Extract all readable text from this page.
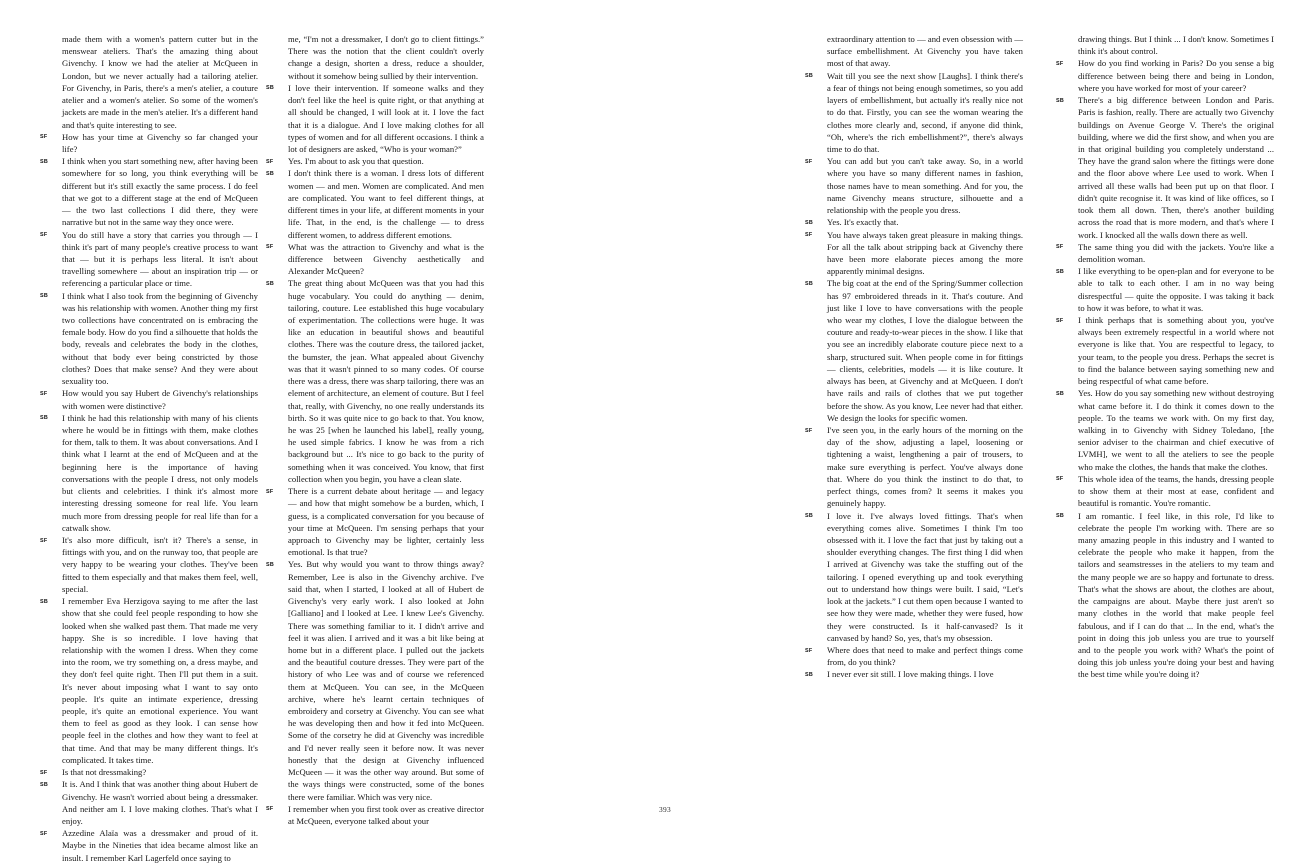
made them with a women's pattern cutter but in the menswear ateliers. That's the amazing thing about Givenchy. I know we had the atelier at McQueen in London, but we never actually had a tailoring atelier. For Givenchy, in Paris, there's a men's atelier, a couture atelier and a women's atelier. So some of the women's jackets are made in the men's atelier. It's a different hand and that's quite interesting to see.

SF	How has your time at Givenchy so far changed your life?

SB	I think when you start something new, after having been somewhere for so long, you think everything will be different but it's still exactly the same process. I do feel that we got to a different stage at the end of McQueen — the two last collections I did there, they were narrative but not in the same way they once were.

SF	You do still have a story that carries you through — I think it's part of many people's creative process to want that — but it is perhaps less literal. It isn't about travelling somewhere — about an inspiration trip — or referencing a particular place or time.

SB	I think what I also took from the beginning of Givenchy was his relationship with women. Another thing my first two collections have concentrated on is embracing the female body. How do you find a silhouette that holds the body, reveals and celebrates the body in the clothes, without that body ever being constricted by those clothes? Does that make sense? And they were about sexuality too.

SF	How would you say Hubert de Givenchy's relationships with women were distinctive?

SB	I think he had this relationship with many of his clients where he would be in fittings with them, make clothes for them, talk to them. It was about conversations. And I think what I learnt at the end of McQueen and at the beginning here is the importance of having conversations with the people I dress, not only models but clients and celebrities. I think it's almost more interesting dressing someone for real life. You learn much more from dressing people for real life than for a catwalk show.

SF	It's also more difficult, isn't it? There's a sense, in fittings with you, and on the runway too, that people are very happy to be wearing your clothes. They've been fitted to them especially and that makes them feel, well, special.

SB	I remember Eva Herzigova saying to me after the last show that she could feel people responding to how she looked when she walked past them. That made me very happy. She is so incredible. I love having that relationship with the women I dress. When they come into the room, we try something on, a dress maybe, and they don't feel quite right. Then I'll put them in a suit. It's never about imposing what I want to say onto people. It's quite an intimate experience, dressing people, it's quite an emotional experience. You want them to feel as good as they look. I can sense how people feel in the clothes and how they want to feel at that time. And that may be many different things. It's complicated. It takes time.

SF	Is that not dressmaking?

SB	It is. And I think that was another thing about Hubert de Givenchy. He wasn't worried about being a dressmaker. And neither am I. I love making clothes. That's what I enjoy.

SF	Azzedine Alaïa was a dressmaker and proud of it. Maybe in the Nineties that idea became almost like an insult. I remember Karl Lagerfeld once saying to

me, “I'm not a dressmaker, I don't go to client fittings.” There was the notion that the client couldn't overly change a design, shorten a dress, reduce a shoulder, without it somehow being sullied by their intervention.

SB	I love their intervention. If someone walks and they don't feel like the heel is quite right, or that anything at all should be changed, I will look at it. I love the fact that it is a dialogue. And I love making clothes for all types of women and for all different occasions. I think a lot of designers are asked, “Who is your woman?”

SF	Yes. I'm about to ask you that question.

SB	I don't think there is a woman. I dress lots of different women — and men. Women are complicated. And men are complicated. You want to feel different things, at different times in your life, at different moments in your life. That, in the end, is the challenge — to dress different women, to address different emotions.

SF	What was the attraction to Givenchy and what is the difference between Givenchy aesthetically and Alexander McQueen?

SB	The great thing about McQueen was that you had this huge vocabulary. You could do anything — denim, tailoring, couture. Lee established this huge vocabulary of experimentation. The collections were huge. It was like an education in beautiful shows and beautiful clothes. There was the couture dress, the tailored jacket, the bumster, the jean. What appealed about Givenchy was that it wasn't pinned to so many codes. Of course there was a dress, there was sharp tailoring, there was an element of architecture, an element of couture. But I feel that, really, with Givenchy, no one really understands its birth. So it was quite nice to go back to that. You know, he was 25 [when he launched his label], really young, he used simple fabrics. I know he was from a rich background but ... It's nice to go back to the purity of something when it was conceived. You know, that first collection when you begin, you have a clean slate.

SF	There is a current debate about heritage — and legacy — and how that might somehow be a burden, which, I guess, is a complicated conversation for you because of your time at McQueen. I'm sensing perhaps that your approach to Givenchy may be lighter, certainly less emotional. Is that true?

SB	Yes. But why would you want to throw things away? Remember, Lee is also in the Givenchy archive. I've said that, when I started, I looked at all of Hubert de Givenchy's very early work. I also looked at John [Galliano] and I looked at Lee. I knew Lee's Givenchy. There was something familiar to it. I didn't arrive and feel it was alien. I arrived and it was a bit like being at home but in a different place. I pulled out the jackets and the beautiful couture dresses. They were part of the history of who Lee was and of course we referenced them at McQueen. You can see, in the McQueen archive, where he's learnt certain techniques of embroidery and corsetry at Givenchy. You can see what he was developing then and how it fed into McQueen. Some of the corsetry he did at Givenchy was incredible and I'd never really seen it before now. It was never honestly that the design at Givenchy influenced McQueen — it was the other way around. But some of the ways things were constructed, some of the bones there were familiar. Which was very nice.

SF	I remember when you first took over as creative director at McQueen, everyone talked about your

extraordinary attention to — and even obsession with — surface embellishment. At Givenchy you have taken most of that away.

SB	Wait till you see the next show [Laughs]. I think there's a fear of things not being enough sometimes, so you add layers of embellishment, but actually it's really nice not to do that. Firstly, you can see the woman wearing the clothes more clearly and, second, if anyone did think, “Oh, where's the rich embellishment?”, there's always time to do that.

SF	You can add but you can't take away. So, in a world where you have so many different names in fashion, those names have to mean something. And for you, the name Givenchy means structure, silhouette and a relationship with the people you dress.

SB	Yes. It's exactly that.

SF	You have always taken great pleasure in making things. For all the talk about stripping back at Givenchy there have been more elaborate pieces among the more apparently minimal designs.

SB	The big coat at the end of the Spring/Summer collection has 97 embroidered threads in it. That's couture. And just like I love to have conversations with the people who wear my clothes, I love the dialogue between the couture and ready-to-wear pieces in the show. I like that you see an incredibly elaborate couture piece next to a sharp, structured suit. When people come in for fittings — clients, celebrities, models — it is like couture. It always has been, at Givenchy and at McQueen. I don't have rails and rails of clothes that we put together before the show. As you know, Lee never had that either. We design the looks for specific women.

SF	I've seen you, in the early hours of the morning on the day of the show, adjusting a lapel, loosening or tightening a waist, lengthening a pair of trousers, to make sure everything is perfect. You've always done that. Where do you think the instinct to do that, to perfect things, comes from? It seems it makes you genuinely happy.

SB	I love it. I've always loved fittings. That's when everything comes alive. Sometimes I think I'm too obsessed with it. I love the fact that just by taking out a shoulder everything changes. The first thing I did when I arrived at Givenchy was take the stuffing out of the tailoring. I opened everything up and took everything out to understand how things were built. I said, “Let's look at the jackets.” I cut them open because I wanted to see how they were made, whether they were fused, how they were constructed. Is it half-canvased? Is it canvased by hand? So, yes, that's my obsession.

SF	Where does that need to make and perfect things come from, do you think?

SB	I never ever sit still. I love making things. I love

drawing things. But I think ... I don't know. Sometimes I think it's about control.

SF	How do you find working in Paris? Do you sense a big difference between being there and being in London, where you have worked for most of your career?

SB	There's a big difference between London and Paris. Paris is fashion, really. There are actually two Givenchy buildings on Avenue George V. There's the original building, where we did the first show, and when you are in that original building you completely understand ... They have the grand salon where the fittings were done and the floor above where Lee used to work. When I arrived all these walls had been put up on that floor. I didn't quite recognise it. It was kind of like offices, so I took them all down. Then, there's another building across the road that is more modern, and that's where I work. I knocked all the walls down there as well.

SF	The same thing you did with the jackets. You're like a demolition woman.

SB	I like everything to be open-plan and for everyone to be able to talk to each other. I am in no way being disrespectful — quite the opposite. I was taking it back to how it was before, to what it was.

SF	I think perhaps that is something about you, you've always been extremely respectful in a world where not everyone is like that. You are respectful to legacy, to your team, to the people you dress. Perhaps the secret is to find the balance between saying something new and being respectful of what came before.

SB	Yes. How do you say something new without destroying what came before it. I do think it comes down to the people. To the teams we work with. On my first day, walking in to Givenchy with Sidney Toledano, [the senior adviser to the chairman and chief executive of LVMH], we went to all the ateliers to see the people who make the clothes, the hands that make the clothes.

SF	This whole idea of the teams, the hands, dressing people to show them at their most at ease, confident and beautiful is romantic. You're romantic.

SB	I am romantic. I feel like, in this role, I'd like to celebrate the people I'm working with. There are so many amazing people in this industry and I wanted to celebrate the people who make it happen, from the tailors and seamstresses in the ateliers to my team and the many people we are so happy and fortunate to dress. That's what the shows are about, the clothes are about, the campaigns are about. Maybe there just aren't so many clothes in the world that make people feel fabulous, and if I can do that ... In the end, what's the point in doing this job unless you are true to yourself and to the people you work with? What's the point of doing this job unless you're doing your best and having the best time while you're doing it?

393
